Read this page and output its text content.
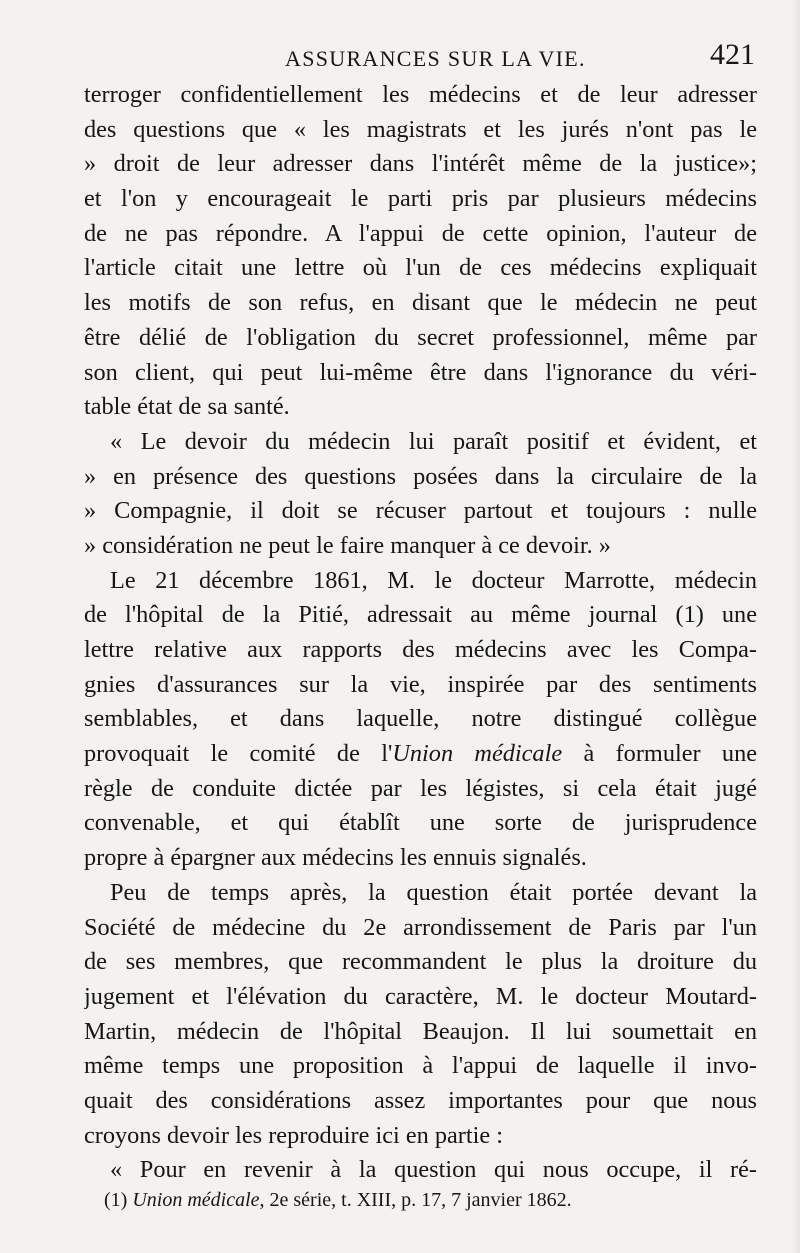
ASSURANCES SUR LA VIE.	421
terroger confidentiellement les médecins et de leur adresser
des questions que « les magistrats et les jurés n'ont pas le
» droit de leur adresser dans l'intérêt même de la justice»;
et l'on y encourageait le parti pris par plusieurs médecins
de ne pas répondre. A l'appui de cette opinion, l'auteur de
l'article citait une lettre où l'un de ces médecins expliquait
les motifs de son refus, en disant que le médecin ne peut
être délié de l'obligation du secret professionnel, même par
son client, qui peut lui-même être dans l'ignorance du véri-
table état de sa santé.
« Le devoir du médecin lui paraît positif et évident, et
» en présence des questions posées dans la circulaire de la
» Compagnie, il doit se récuser partout et toujours : nulle
» considération ne peut le faire manquer à ce devoir. »
Le 21 décembre 1861, M. le docteur Marrotte, médecin
de l'hôpital de la Pitié, adressait au même journal (1) une
lettre relative aux rapports des médecins avec les Compa-
gnies d'assurances sur la vie, inspirée par des sentiments
semblables, et dans laquelle, notre distingué collègue
provoquait le comité de l'Union médicale à formuler une
règle de conduite dictée par les légistes, si cela était jugé
convenable, et qui établît une sorte de jurisprudence
propre à épargner aux médecins les ennuis signalés.
Peu de temps après, la question était portée devant la
Société de médecine du 2e arrondissement de Paris par l'un
de ses membres, que recommandent le plus la droiture du
jugement et l'élévation du caractère, M. le docteur Moutard-
Martin, médecin de l'hôpital Beaujon. Il lui soumettait en
même temps une proposition à l'appui de laquelle il invo-
quait des considérations assez importantes pour que nous
croyons devoir les reproduire ici en partie :
« Pour en revenir à la question qui nous occupe, il ré-
(1) Union médicale, 2e série, t. XIII, p. 17, 7 janvier 1862.
